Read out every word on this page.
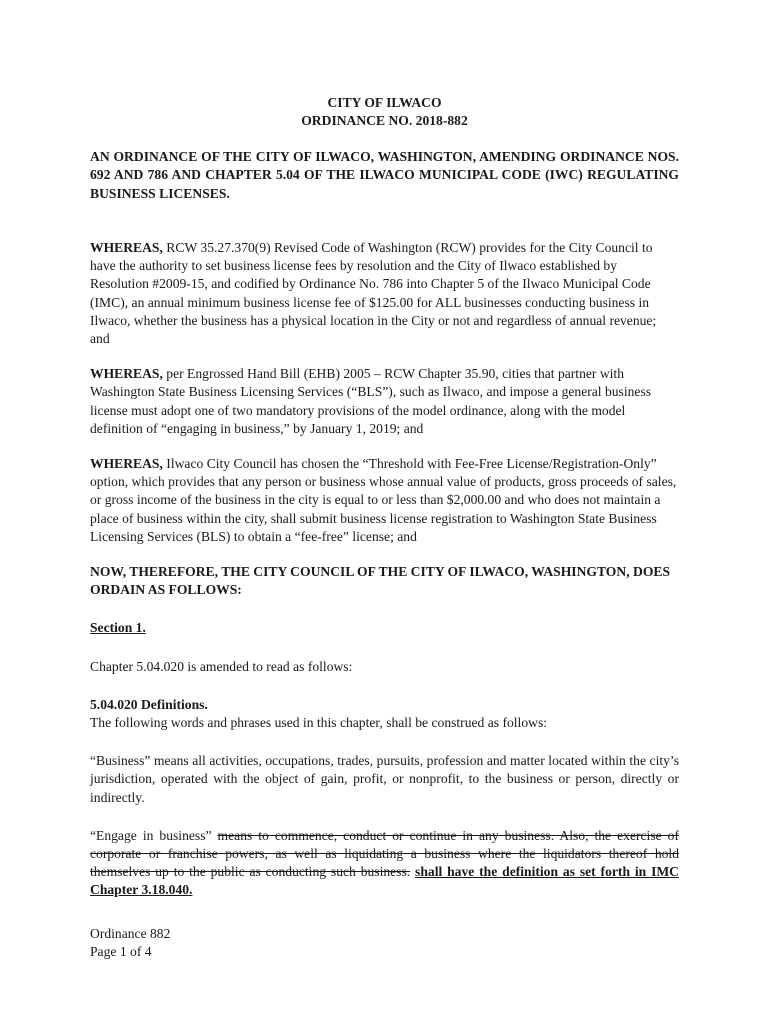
CITY OF ILWACO
ORDINANCE NO. 2018-882
AN ORDINANCE OF THE CITY OF ILWACO, WASHINGTON, AMENDING ORDINANCE NOS. 692 AND 786 AND CHAPTER 5.04 OF THE ILWACO MUNICIPAL CODE (IWC) REGULATING BUSINESS LICENSES.

WHEREAS, RCW 35.27.370(9) Revised Code of Washington (RCW) provides for the City Council to have the authority to set business license fees by resolution and the City of Ilwaco established by Resolution #2009-15, and codified by Ordinance No. 786 into Chapter 5 of the Ilwaco Municipal Code (IMC), an annual minimum business license fee of $125.00 for ALL businesses conducting business in Ilwaco, whether the business has a physical location in the City or not and regardless of annual revenue; and

WHEREAS, per Engrossed Hand Bill (EHB) 2005 – RCW Chapter 35.90, cities that partner with Washington State Business Licensing Services (“BLS”), such as Ilwaco, and impose a general business license must adopt one of two mandatory provisions of the model ordinance, along with the model definition of “engaging in business,” by January 1, 2019; and

WHEREAS, Ilwaco City Council has chosen the “Threshold with Fee-Free License/Registration-Only” option, which provides that any person or business whose annual value of products, gross proceeds of sales, or gross income of the business in the city is equal to or less than $2,000.00 and who does not maintain a place of business within the city, shall submit business license registration to Washington State Business Licensing Services (BLS) to obtain a “fee-free” license; and

NOW, THEREFORE, THE CITY COUNCIL OF THE CITY OF ILWACO, WASHINGTON, DOES ORDAIN AS FOLLOWS:

Section 1.

Chapter 5.04.020 is amended to read as follows:

5.04.020 Definitions.

The following words and phrases used in this chapter, shall be construed as follows:

“Business” means all activities, occupations, trades, pursuits, profession and matter located within the city’s jurisdiction, operated with the object of gain, profit, or nonprofit, to the business or person, directly or indirectly.

“Engage in business” means to commence, conduct or continue in any business. Also, the exercise of corporate or franchise powers, as well as liquidating a business where the liquidators thereof hold themselves up to the public as conducting such business. shall have the definition as set forth in IMC Chapter 3.18.040.

Ordinance 882
Page 1 of 4
